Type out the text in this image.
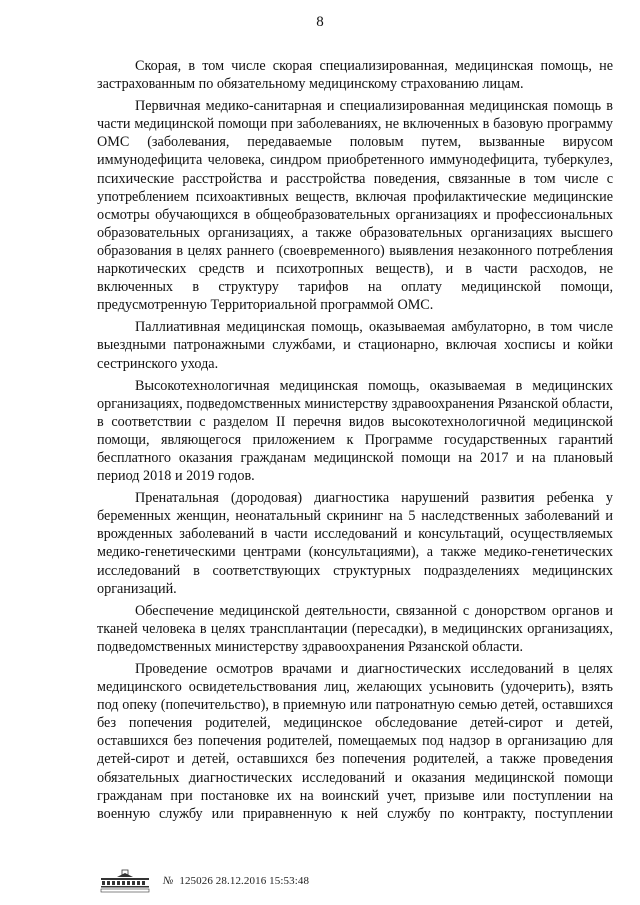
8

Скорая, в том числе скорая специализированная, медицинская помощь, не застрахованным по обязательному медицинскому страхованию лицам.

Первичная медико-санитарная и специализированная медицинская помощь в части медицинской помощи при заболеваниях, не включенных в базовую программу ОМС (заболевания, передаваемые половым путем, вызванные вирусом иммунодефицита человека, синдром приобретенного иммунодефицита, туберкулез, психические расстройства и расстройства поведения, связанные в том числе с употреблением психоактивных веществ, включая профилактические медицинские осмотры обучающихся в общеобразовательных организациях и профессиональных образовательных организациях, а также образовательных организациях высшего образования в целях раннего (своевременного) выявления незаконного потребления наркотических средств и психотропных веществ), и в части расходов, не включенных в структуру тарифов на оплату медицинской помощи, предусмотренную Территориальной программой ОМС.

Паллиативная медицинская помощь, оказываемая амбулаторно, в том числе выездными патронажными службами, и стационарно, включая хосписы и койки сестринского ухода.

Высокотехнологичная медицинская помощь, оказываемая в медицинских организациях, подведомственных министерству здравоохранения Рязанской области, в соответствии с разделом II перечня видов высокотехнологичной медицинской помощи, являющегося приложением к Программе государственных гарантий бесплатного оказания гражданам медицинской помощи на 2017 и на плановый период 2018 и 2019 годов.

Пренатальная (дородовая) диагностика нарушений развития ребенка у беременных женщин, неонатальный скрининг на 5 наследственных заболеваний и врожденных заболеваний в части исследований и консультаций, осуществляемых медико-генетическими центрами (консультациями), а также медико-генетических исследований в соответствующих структурных подразделениях медицинских организаций.

Обеспечение медицинской деятельности, связанной с донорством органов и тканей человека в целях трансплантации (пересадки), в медицинских организациях, подведомственных министерству здравоохранения Рязанской области.

Проведение осмотров врачами и диагностических исследований в целях медицинского освидетельствования лиц, желающих усыновить (удочерить), взять под опеку (попечительство), в приемную или патронатную семью детей, оставшихся без попечения родителей, медицинское обследование детей-сирот и детей, оставшихся без попечения родителей, помещаемых под надзор в организацию для детей-сирот и детей, оставшихся без попечения родителей, а также проведения обязательных диагностических исследований и оказания медицинской помощи гражданам при постановке их на воинский учет, призыве или поступлении на военную службу или приравненную к ней службу по контракту, поступлении

№ 125026 28.12.2016 15:53:48
